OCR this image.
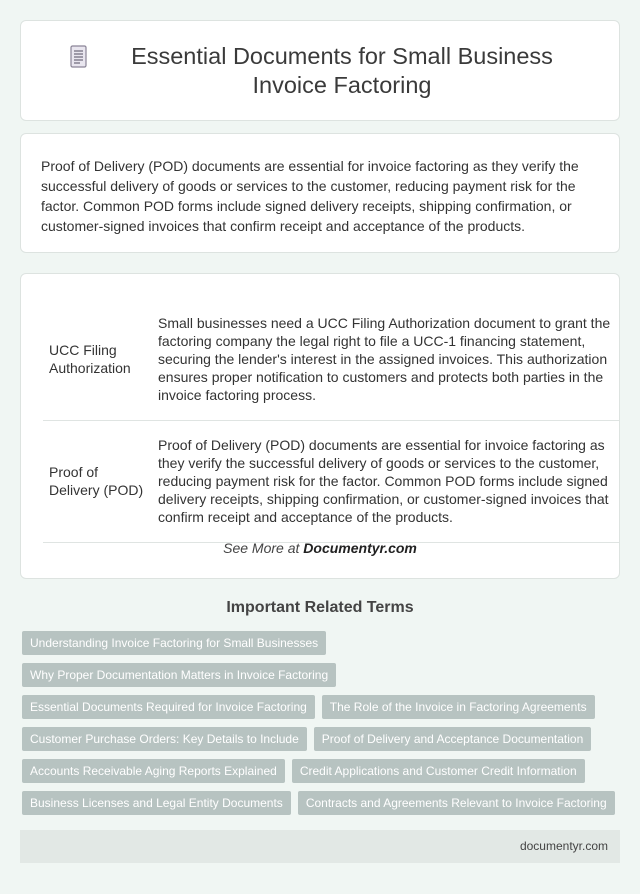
Essential Documents for Small Business Invoice Factoring

Proof of Delivery (POD) documents are essential for invoice factoring as they verify the successful delivery of goods or services to the customer, reducing payment risk for the factor. Common POD forms include signed delivery receipts, shipping confirmation, or customer-signed invoices that confirm receipt and acceptance of the products.

UCC Filing Authorization	Small businesses need a UCC Filing Authorization document to grant the factoring company the legal right to file a UCC-1 financing statement, securing the lender's interest in the assigned invoices. This authorization ensures proper notification to customers and protects both parties in the invoice factoring process.
Proof of Delivery (POD)	Proof of Delivery (POD) documents are essential for invoice factoring as they verify the successful delivery of goods or services to the customer, reducing payment risk for the factor. Common POD forms include signed delivery receipts, shipping confirmation, or customer-signed invoices that confirm receipt and acceptance of the products.
See More at Documentyr.com
Important Related Terms
Understanding Invoice Factoring for Small Businesses
Why Proper Documentation Matters in Invoice Factoring
Essential Documents Required for Invoice Factoring	The Role of the Invoice in Factoring Agreements
Customer Purchase Orders: Key Details to Include	Proof of Delivery and Acceptance Documentation
Accounts Receivable Aging Reports Explained	Credit Applications and Customer Credit Information
Business Licenses and Legal Entity Documents	Contracts and Agreements Relevant to Invoice Factoring
documentyr.com
